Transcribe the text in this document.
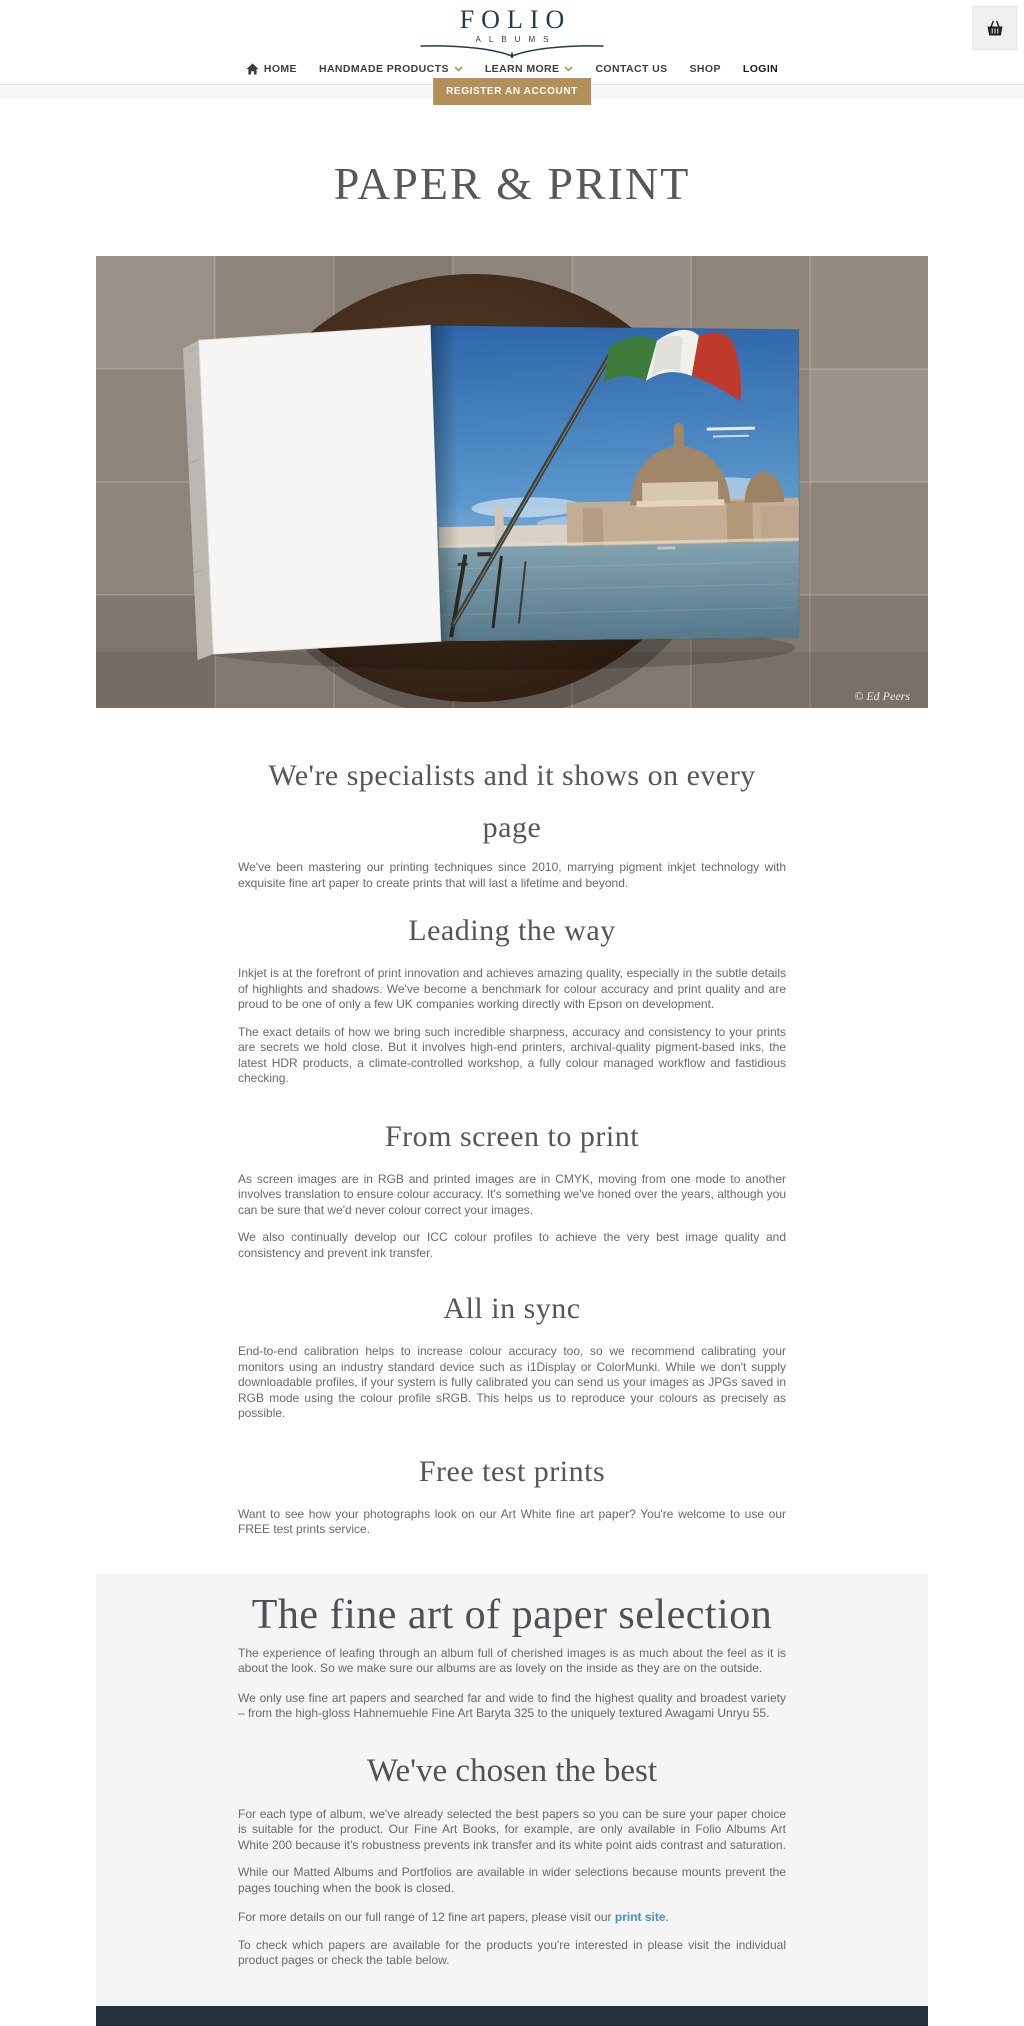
FOLIO
ALBUMS
HOME HANDMADE PRODUCTS	LEARN MORE	CONTACT US SHOP LOGIN
REGISTER AN ACCOUNT
PAPER & PRINT
© Ed Peers
We're specialists and it shows on every page

We've been mastering our printing techniques since 2010, marrying pigment inkjet technology with exquisite fine art paper to create prints that will last a lifetime and beyond.

Leading the way

Inkjet is at the forefront of print innovation and achieves amazing quality, especially in the subtle details of highlights and shadows. We've become a benchmark for colour accuracy and print quality and are proud to be one of only a few UK companies working directly with Epson on development.

The exact details of how we bring such incredible sharpness, accuracy and consistency to your prints are secrets we hold close. But it involves high-end printers, archival-quality pigment-based inks, the latest HDR products, a climate-controlled workshop, a fully colour managed workflow and fastidious checking.

From screen to print

As screen images are in RGB and printed images are in CMYK, moving from one mode to another involves translation to ensure colour accuracy. It's something we've honed over the years, although you can be sure that we'd never colour correct your images.

We also continually develop our ICC colour profiles to achieve the very best image quality and consistency and prevent ink transfer.

All in sync

End-to-end calibration helps to increase colour accuracy too, so we recommend calibrating your monitors using an industry standard device such as i1Display or ColorMunki. While we don't supply downloadable profiles, if your system is fully calibrated you can send us your images as JPGs saved in RGB mode using the colour profile sRGB. This helps us to reproduce your colours as precisely as possible.

Free test prints

Want to see how your photographs look on our Art White fine art paper? You're welcome to use our FREE test prints service.

The fine art of paper selection

The experience of leafing through an album full of cherished images is as much about the feel as it is about the look. So we make sure our albums are as lovely on the inside as they are on the outside.

We only use fine art papers and searched far and wide to find the highest quality and broadest variety – from the high-gloss Hahnemuehle Fine Art Baryta 325 to the uniquely textured Awagami Unryu 55.

We've chosen the best

For each type of album, we've already selected the best papers so you can be sure your paper choice is suitable for the product. Our Fine Art Books, for example, are only available in Folio Albums Art White 200 because it's robustness prevents ink transfer and its white point aids contrast and saturation.

While our Matted Albums and Portfolios are available in wider selections because mounts prevent the pages touching when the book is closed.

For more details on our full range of 12 fine art papers, please visit our print site.

To check which papers are available for the products you're interested in please visit the individual product pages or check the table below.
